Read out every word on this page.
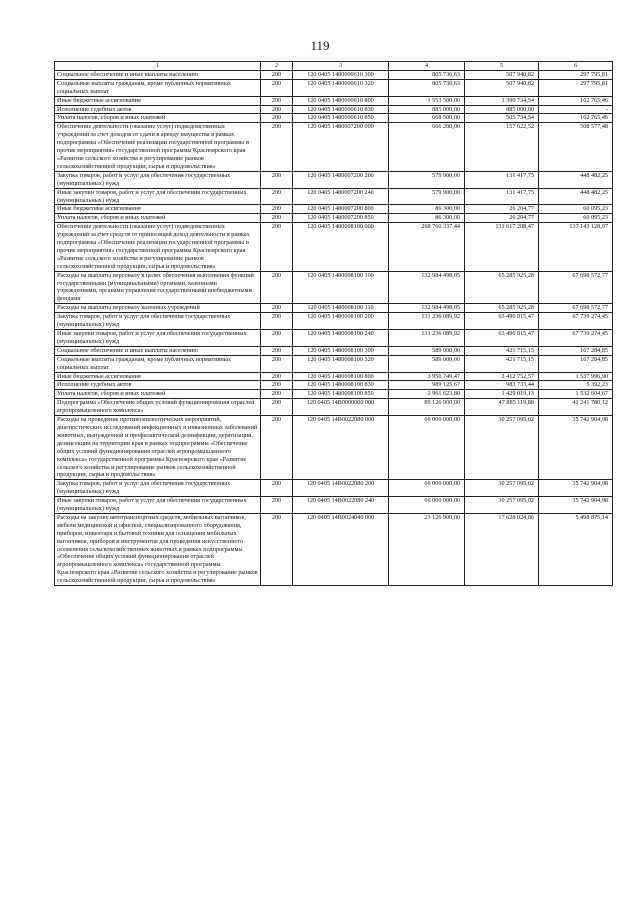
119
1	2	3	4	5	6
Социальное обеспечение и иные выплаты населению	200	120 0405 1480000610 300	805 736,63	507 940,82	297 795,81
Социальные выплаты гражданам, кроме публичных нормативных социальных выплат	200	120 0405 1480000610 320	805 736,63	507 940,82	297 795,81
Иные бюджетные ассигнования	200	120 0405 1480000610 800	1 553 500,00	1 390 734,54	162 765,46
Исполнение судебных актов	200	120 0405 1480000610 830	885 000,00	885 000,00	-
Уплата налогов, сборов и иных платежей	200	120 0405 1480000610 850	668 500,00	505 734,54	162 765,46
Обеспечение деятельности (оказание услуг) подведомственных учреждений за счет доходов от сдачи в аренду имущества в рамках подпрограммы «Обеспечение реализации государственной программы и прочие мероприятия» государственной программы Красноярского края «Развитие сельского хозяйства и регулирование рынков сельскохозяйственной продукции, сырья и продовольствия»	200	120 0405 1480007200 000	666 200,00	157 622,52	508 577,48
Закупка товаров, работ и услуг для обеспечения государственных (муниципальных) нужд	200	120 0405 1480007200 200	579 900,00	131 417,75	448 482,25
Иные закупки товаров, работ и услуг для обеспечения государственных (муниципальных) нужд	200	120 0405 1480007200 240	579 900,00	131 417,75	448 482,25
Иные бюджетные ассигнования	200	120 0405 1480007200 800	86 300,00	26 204,77	60 095,23
Уплата налогов, сборов и иных платежей	200	120 0405 1480007200 850	86 300,00	26 204,77	60 095,23
Обеспечение деятельности (оказание услуг) подведомственных учреждений за счет средств от приносящей доход деятельности в рамках подпрограммы «Обеспечение реализации государственной программы и прочие мероприятия» государственной программы Красноярского края «Развитие сельского хозяйства и регулирование рынков сельскохозяйственной продукции, сырья и продовольствия»	200	120 0405 1480008100 000	268 760 337,44	131 617 208,47	137 143 128,97
Расходы на выплаты персоналу в целях обеспечения выполнения функций государственными (муниципальными) органами, казенными учреждениями, органами управления государственными внебюджетными фондами	200	120 0405 1480008100 100	132 984 498,05	65 285 925,28	67 698 572,77
Расходы на выплаты персоналу казенных учреждений	200	120 0405 1480008100 110	132 984 498,05	65 285 925,28	67 698 572,77
Закупка товаров, работ и услуг для обеспечения государственных (муниципальных) нужд	200	120 0405 1480008100 200	131 236 089,92	63 496 815,47	67 739 274,45
Иные закупки товаров, работ и услуг для обеспечения государственных (муниципальных) нужд	200	120 0405 1480008100 240	131 236 089,92	63 496 815,47	67 739 274,45
Социальное обеспечение и иные выплаты населению	200	120 0405 1480008100 300	589 000,00	421 715,15	167 284,85
Социальные выплаты гражданам, кроме публичных нормативных социальных выплат	200	120 0405 1480008100 320	589 000,00	421 715,15	167 284,85
Иные бюджетные ассигнования	200	120 0405 1480008100 800	3 950 749,47	2 412 752,57	1 537 996,90
Исполнение судебных актов	200	120 0405 1480008100 830	989 125,67	983 733,44	5 392,23
Уплата налогов, сборов и иных платежей	200	120 0405 1480008100 850	2 961 623,80	1 429 019,13	1 532 604,67
Подпрограмма «Обеспечение общих условий функционирования отраслей агропромышленного комплекса»	200	120 0405 14В0000000 000	89 126 900,00	47 885 119,88	41 241 780,12
Расходы на проведение противоэпизоотических мероприятий, диагностических исследований инфекционных и инвазионных заболеваний животных, вынужденной и профилактической дезинфекции, дератизации, дезинсекции на территории края в рамках подпрограммы «Обеспечение общих условий функционирования отраслей агропромышленного комплекса» государственной программы Красноярского края «Развитие сельского хозяйства и регулирование рынков сельскохозяйственной продукции, сырья и продовольствия»	200	120 0405 14В0022080 000	66 000 000,00	30 257 095,02	35 742 904,98
Закупка товаров, работ и услуг для обеспечения государственных (муниципальных) нужд	200	120 0405 14В0022080 200	66 000 000,00	30 257 095,02	35 742 904,98
Иные закупки товаров, работ и услуг для обеспечения государственных (муниципальных) нужд	200	120 0405 14В0022080 240	66 000 000,00	30 257 095,02	35 742 904,98
Расходы на закупку автотранспортных средств, мобильных вагончиков, мебели медицинской и офисной, специализированного оборудования, приборов, инвентаря и бытовой техники для оснащения мобильных вагончиков, приборов и инструментов для проведения искусственного осеменения сельскохозяйственных животных в рамках подпрограммы «Обеспечение общих условий функционирования отраслей агропромышленного комплекса» государственной программы Красноярского края «Развитие сельского хозяйства и регулирование рынков сельскохозяйственной продукции, сырья и продовольствия»	200	120 0405 14В0024040 000	23 126 900,00	17 628 024,86	5 498 875,14
